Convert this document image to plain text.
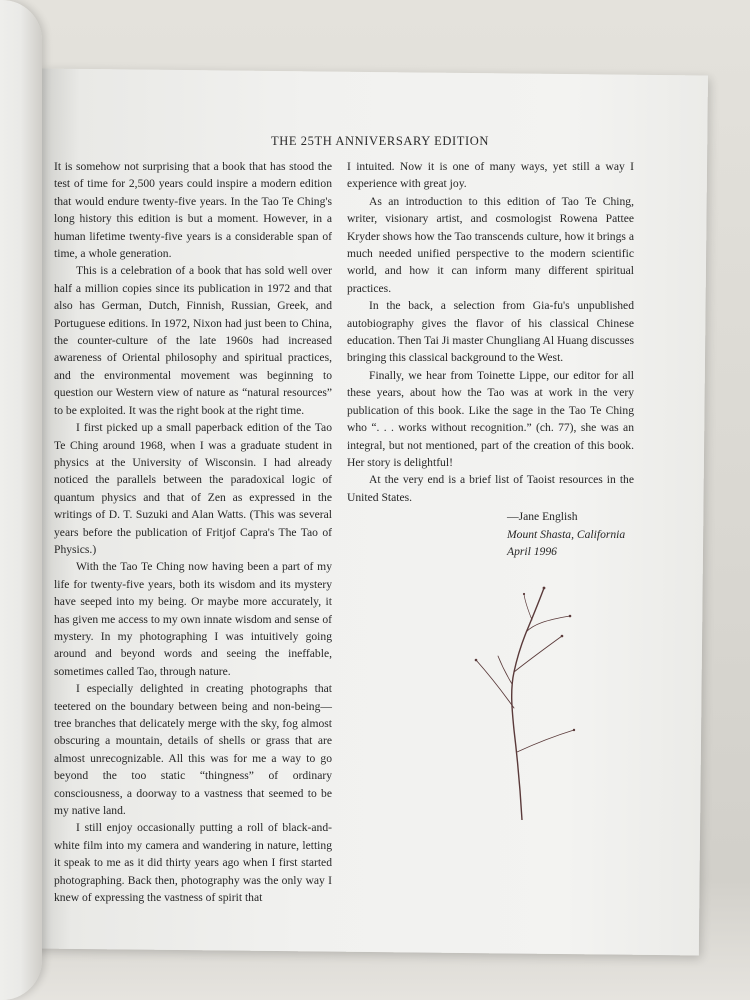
THE 25TH ANNIVERSARY EDITION

It is somehow not surprising that a book that has stood the test of time for 2,500 years could inspire a modern edition that would endure twenty-five years. In the Tao Te Ching's long history this edition is but a moment. However, in a human lifetime twenty-five years is a considerable span of time, a whole generation.

This is a celebration of a book that has sold well over half a million copies since its publication in 1972 and that also has German, Dutch, Finnish, Russian, Greek, and Portuguese editions. In 1972, Nixon had just been to China, the counter-culture of the late 1960s had increased awareness of Oriental philosophy and spiritual practices, and the environmental movement was beginning to question our Western view of nature as “natural resources” to be exploited. It was the right book at the right time.

I first picked up a small paperback edition of the Tao Te Ching around 1968, when I was a graduate student in physics at the University of Wisconsin. I had already noticed the parallels between the paradoxical logic of quantum physics and that of Zen as expressed in the writings of D. T. Suzuki and Alan Watts. (This was several years before the publication of Fritjof Capra's The Tao of Physics.)

With the Tao Te Ching now having been a part of my life for twenty-five years, both its wisdom and its mystery have seeped into my being. Or maybe more accurately, it has given me access to my own innate wisdom and sense of mystery. In my photographing I was intuitively going around and beyond words and seeing the ineffable, sometimes called Tao, through nature.

I especially delighted in creating photographs that teetered on the boundary between being and non-being—tree branches that delicately merge with the sky, fog almost obscuring a mountain, details of shells or grass that are almost unrecognizable. All this was for me a way to go beyond the too static “thingness” of ordinary consciousness, a doorway to a vastness that seemed to be my native land.

I still enjoy occasionally putting a roll of black-and-white film into my camera and wandering in nature, letting it speak to me as it did thirty years ago when I first started photographing. Back then, photography was the only way I knew of expressing the vastness of spirit that

I intuited. Now it is one of many ways, yet still a way I experience with great joy.

As an introduction to this edition of Tao Te Ching, writer, visionary artist, and cosmologist Rowena Pattee Kryder shows how the Tao transcends culture, how it brings a much needed unified perspective to the modern scientific world, and how it can inform many different spiritual practices.

In the back, a selection from Gia-fu's unpublished autobiography gives the flavor of his classical Chinese education. Then Tai Ji master Chungliang Al Huang discusses bringing this classical background to the West.

Finally, we hear from Toinette Lippe, our editor for all these years, about how the Tao was at work in the very publication of this book. Like the sage in the Tao Te Ching who “. . . works without recognition.” (ch. 77), she was an integral, but not mentioned, part of the creation of this book. Her story is delightful!

At the very end is a brief list of Taoist resources in the United States.

—Jane English
Mount Shasta, California
April 1996
